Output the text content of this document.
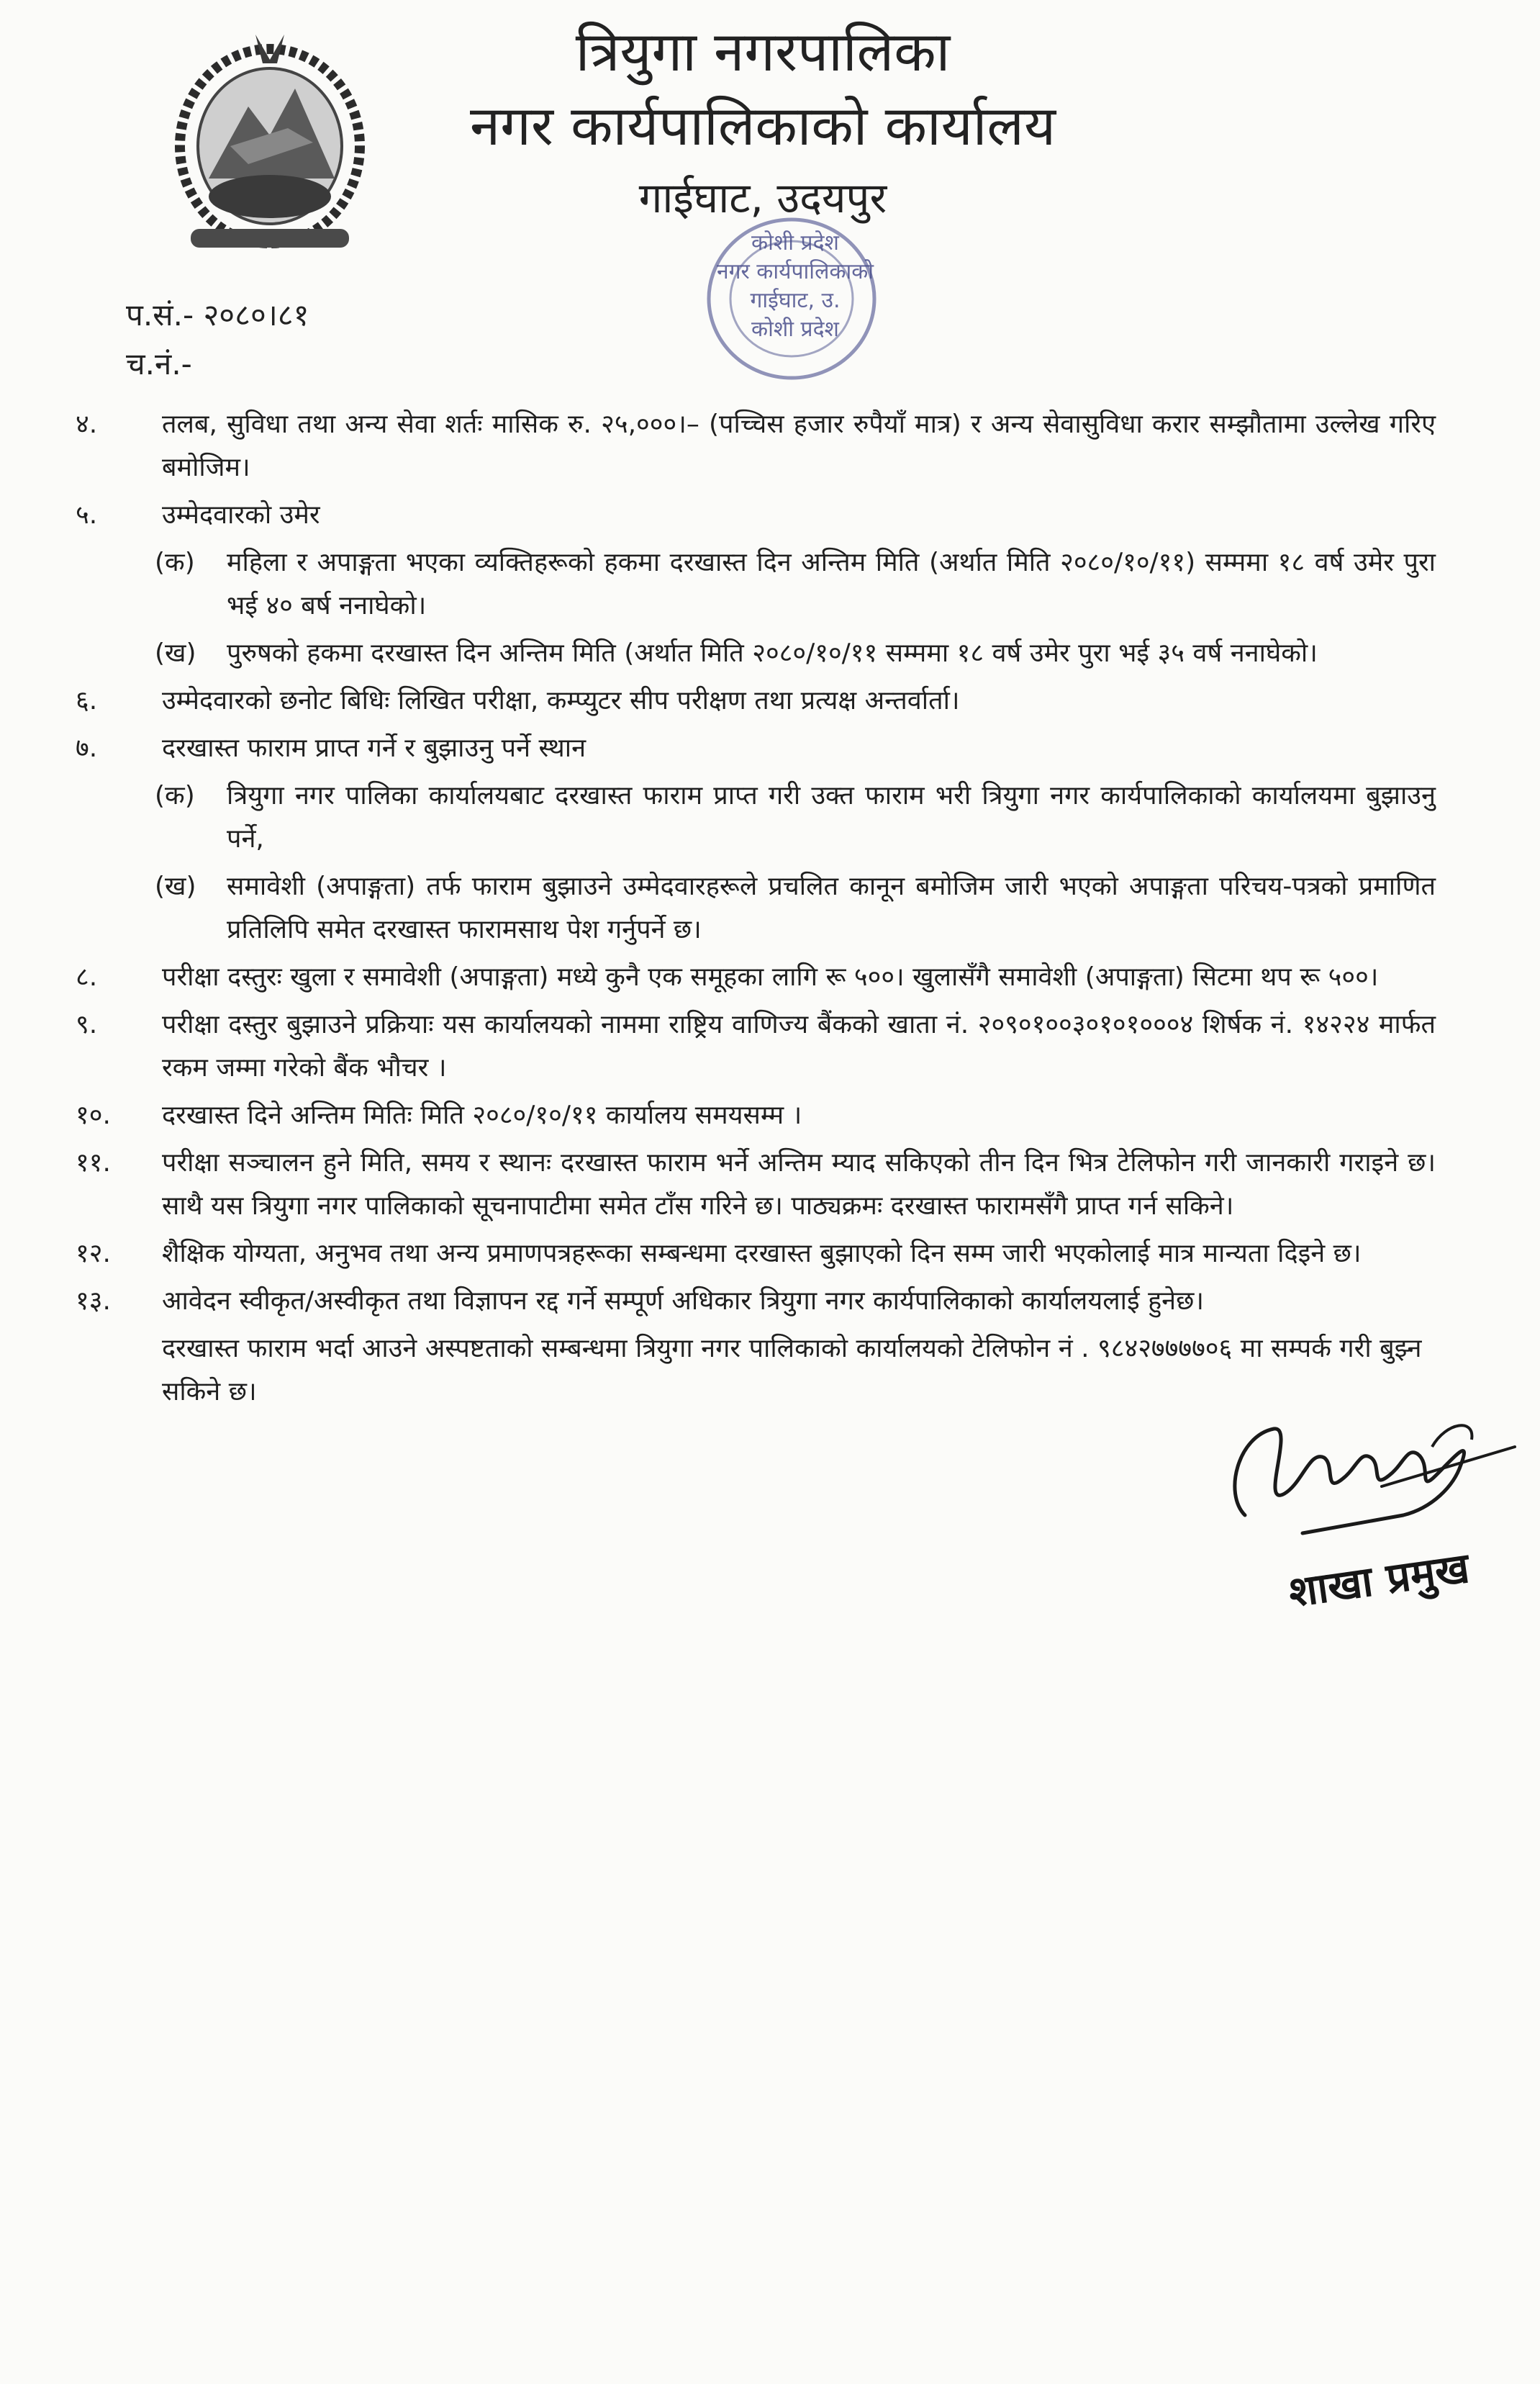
त्रियुगा नगरपालिका
नगर कार्यपालिकाको कार्यालय
गाईघाट, उदयपुर
कोशी प्रदेश
नगर कार्यपालिकाको
गाईघाट, उ.
कोशी प्रदेश
प.सं.- २०८०।८१
च.नं.-
४.	तलब, सुविधा तथा अन्य सेवा शर्तः मासिक रु. २५,०००।– (पच्चिस हजार रुपैयाँ मात्र) र अन्य सेवासुविधा करार सम्झौतामा उल्लेख गरिए बमोजिम।
५.	उम्मेदवारको उमेर
(क)	महिला र अपाङ्गता भएका व्यक्तिहरूको हकमा दरखास्त दिन अन्तिम मिति (अर्थात मिति २०८०/१०/११) सम्ममा १८ वर्ष उमेर पुरा भई ४० बर्ष ननाघेको।
(ख)	पुरुषको हकमा दरखास्त दिन अन्तिम मिति (अर्थात मिति २०८०/१०/११ सम्ममा १८ वर्ष उमेर पुरा भई ३५ वर्ष ननाघेको।
६.	उम्मेदवारको छनोट बिधिः लिखित परीक्षा, कम्प्युटर सीप परीक्षण तथा प्रत्यक्ष अन्तर्वार्ता।
७.	दरखास्त फाराम प्राप्त गर्ने र बुझाउनु पर्ने स्थान
(क)	त्रियुगा नगर पालिका कार्यालयबाट दरखास्त फाराम प्राप्त गरी उक्त फाराम भरी त्रियुगा नगर कार्यपालिकाको कार्यालयमा बुझाउनु पर्ने,
(ख)	समावेशी (अपाङ्गता) तर्फ फाराम बुझाउने उम्मेदवारहरूले प्रचलित कानून बमोजिम जारी भएको अपाङ्गता परिचय-पत्रको प्रमाणित प्रतिलिपि समेत दरखास्त फारामसाथ पेश गर्नुपर्ने छ।
८.	परीक्षा दस्तुरः खुला र समावेशी (अपाङ्गता) मध्ये कुनै एक समूहका लागि रू ५००। खुलासँगै समावेशी (अपाङ्गता) सिटमा थप रू ५००।
९.	परीक्षा दस्तुर बुझाउने प्रक्रियाः यस कार्यालयको नाममा राष्ट्रिय वाणिज्य बैंकको खाता नं. २०९०१००३०१०१०००४ शिर्षक नं. १४२२४ मार्फत रकम जम्मा गरेको बैंक भौचर ।
१०.	दरखास्त दिने अन्तिम मितिः मिति २०८०/१०/११ कार्यालय समयसम्म ।
११.	परीक्षा सञ्चालन हुने मिति, समय र स्थानः दरखास्त फाराम भर्ने अन्तिम म्याद सकिएको तीन दिन भित्र टेलिफोन गरी जानकारी गराइने छ। साथै यस त्रियुगा नगर पालिकाको सूचनापाटीमा समेत टाँस गरिने छ। पाठ्यक्रमः दरखास्त फारामसँगै प्राप्त गर्न सकिने।
१२.	शैक्षिक योग्यता, अनुभव तथा अन्य प्रमाणपत्रहरूका सम्बन्धमा दरखास्त बुझाएको दिन सम्म जारी भएकोलाई मात्र मान्यता दिइने छ।
१३.	आवेदन स्वीकृत/अस्वीकृत तथा विज्ञापन रद्द गर्ने सम्पूर्ण अधिकार त्रियुगा नगर कार्यपालिकाको कार्यालयलाई हुनेछ।
दरखास्त फाराम भर्दा आउने अस्पष्टताको सम्बन्धमा त्रियुगा नगर पालिकाको कार्यालयको टेलिफोन नं . ९८४२७७७७०६ मा सम्पर्क गरी बुझ्न सकिने छ।
शाखा प्रमुख
